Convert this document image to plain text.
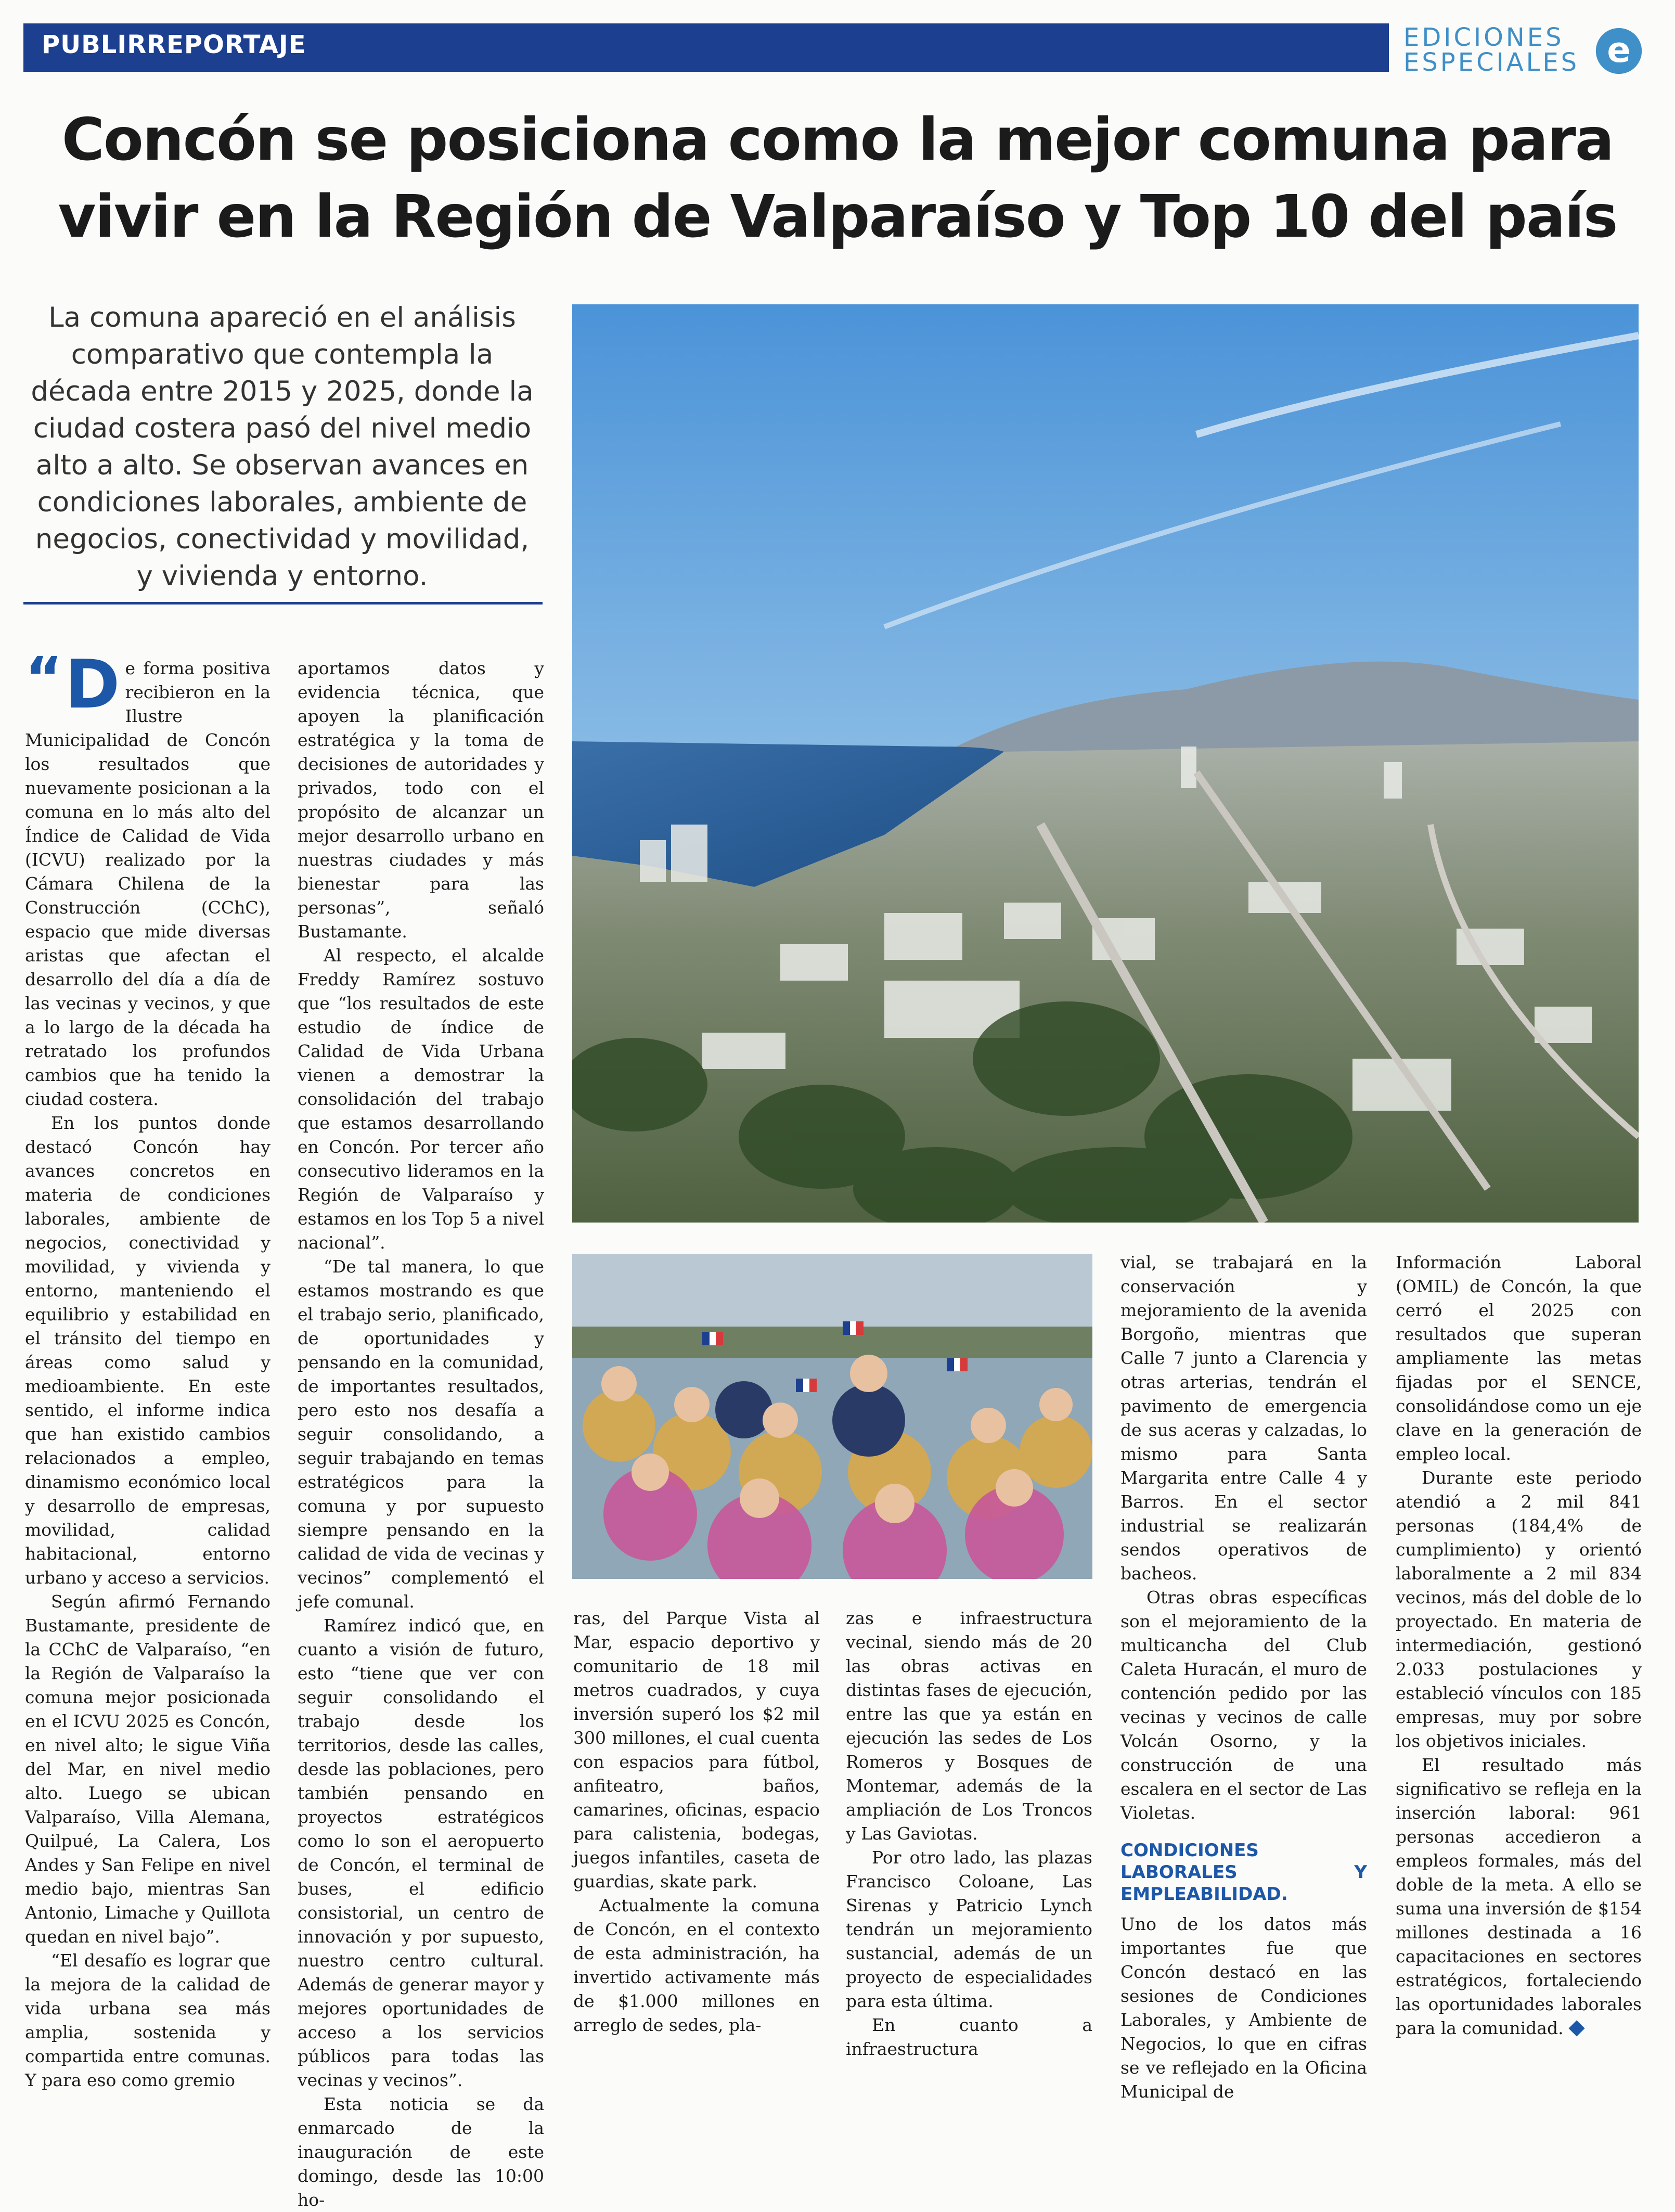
PUBLIRREPORTAJE	EDICIONES
ESPECIALES e
Concón se posiciona como la mejor comuna para
vivir en la Región de Valparaíso y Top 10 del país
La comuna apareció en el análisis comparativo que contempla la década entre 2015 y 2025, donde la ciudad costera pasó del nivel medio alto a alto. Se observan avances en condiciones laborales, ambiente de negocios, conectividad y movilidad, y vivienda y entorno.

“ D e forma positiva recibieron en la Ilustre Municipalidad de Concón los resultados que nuevamente posicionan a la comuna en lo más alto del Índice de Calidad de Vida (ICVU) realizado por la Cámara Chilena de la Construcción (CChC), espacio que mide diversas aristas que afectan el desarrollo del día a día de las vecinas y vecinos, y que a lo largo de la década ha retratado los profundos cambios que ha tenido la ciudad costera.

En los puntos donde destacó Concón hay avances concretos en materia de condiciones laborales, ambiente de negocios, conectividad y movilidad, y vivienda y entorno, manteniendo el equilibrio y estabilidad en el tránsito del tiempo en áreas como salud y medioambiente. En este sentido, el informe indica que han existido cambios relacionados a empleo, dinamismo económico local y desarrollo de empresas, movilidad, calidad habitacional, entorno urbano y acceso a servicios.

Según afirmó Fernando Bustamante, presidente de la CChC de Valparaíso, “en la Región de Valparaíso la comuna mejor posicionada en el ICVU 2025 es Concón, en nivel alto; le sigue Viña del Mar, en nivel medio alto. Luego se ubican Valparaíso, Villa Alemana, Quilpué, La Calera, Los Andes y San Felipe en nivel medio bajo, mientras San Antonio, Limache y Quillota quedan en nivel bajo”.

“El desafío es lograr que la mejora de la calidad de vida urbana sea más amplia, sostenida y compartida entre comunas. Y para eso como gremio

aportamos datos y evidencia técnica, que apoyen la planificación estratégica y la toma de decisiones de autoridades y privados, todo con el propósito de alcanzar un mejor desarrollo urbano en nuestras ciudades y más bienestar para las personas”, señaló Bustamante.

Al respecto, el alcalde Freddy Ramírez sostuvo que “los resultados de este estudio de índice de Calidad de Vida Urbana vienen a demostrar la consolidación del trabajo que estamos desarrollando en Concón. Por tercer año consecutivo lideramos en la Región de Valparaíso y estamos en los Top 5 a nivel nacional”.

“De tal manera, lo que estamos mostrando es que el trabajo serio, planificado, de oportunidades y pensando en la comunidad, de importantes resultados, pero esto nos desafía a seguir consolidando, a seguir trabajando en temas estratégicos para la comuna y por supuesto siempre pensando en la calidad de vida de vecinas y vecinos” complementó el jefe comunal.

Ramírez indicó que, en cuanto a visión de futuro, esto “tiene que ver con seguir consolidando el trabajo desde los territorios, desde las calles, desde las poblaciones, pero también pensando en proyectos estratégicos como lo son el aeropuerto de Concón, el terminal de buses, el edificio consistorial, un centro de innovación y por supuesto, nuestro centro cultural. Además de generar mayor y mejores oportunidades de acceso a los servicios públicos para todas las vecinas y vecinos”.

Esta noticia se da enmarcado de la inauguración de este domingo, desde las 10:00 ho-

ras, del Parque Vista al Mar, espacio deportivo y comunitario de 18 mil metros cuadrados, y cuya inversión superó los $2 mil 300 millones, el cual cuenta con espacios para fútbol, anfiteatro, baños, camarines, oficinas, espacio para calistenia, bodegas, juegos infantiles, caseta de guardias, skate park.

Actualmente la comuna de Concón, en el contexto de esta administración, ha invertido activamente más de $1.000 millones en arreglo de sedes, pla-

zas e infraestructura vecinal, siendo más de 20 las obras activas en distintas fases de ejecución, entre las que ya están en ejecución las sedes de Los Romeros y Bosques de Montemar, además de la ampliación de Los Troncos y Las Gaviotas.

Por otro lado, las plazas Francisco Coloane, Las Sirenas y Patricio Lynch tendrán un mejoramiento sustancial, además de un proyecto de especialidades para esta última.

En cuanto a infraestructura

vial, se trabajará en la conservación y mejoramiento de la avenida Borgoño, mientras que Calle 7 junto a Clarencia y otras arterias, tendrán el pavimento de emergencia de sus aceras y calzadas, lo mismo para Santa Margarita entre Calle 4 y Barros. En el sector industrial se realizarán sendos operativos de bacheos.

Otras obras específicas son el mejoramiento de la multicancha del Club Caleta Huracán, el muro de contención pedido por las vecinas y vecinos de calle Volcán Osorno, y la construcción de una escalera en el sector de Las Violetas.

CONDICIONES LABORALES Y EMPLEABILIDAD.

Uno de los datos más importantes fue que Concón destacó en las sesiones de Condiciones Laborales, y Ambiente de Negocios, lo que en cifras se ve reflejado en la Oficina Municipal de

Información Laboral (OMIL) de Concón, la que cerró el 2025 con resultados que superan ampliamente las metas fijadas por el SENCE, consolidándose como un eje clave en la generación de empleo local.

Durante este periodo atendió a 2 mil 841 personas (184,4% de cumplimiento) y orientó laboralmente a 2 mil 834 vecinos, más del doble de lo proyectado. En materia de intermediación, gestionó 2.033 postulaciones y estableció vínculos con 185 empresas, muy por sobre los objetivos iniciales.

El resultado más significativo se refleja en la inserción laboral: 961 personas accedieron a empleos formales, más del doble de la meta. A ello se suma una inversión de $154 millones destinada a 16 capacitaciones en sectores estratégicos, fortaleciendo las oportunidades laborales para la comunidad.
